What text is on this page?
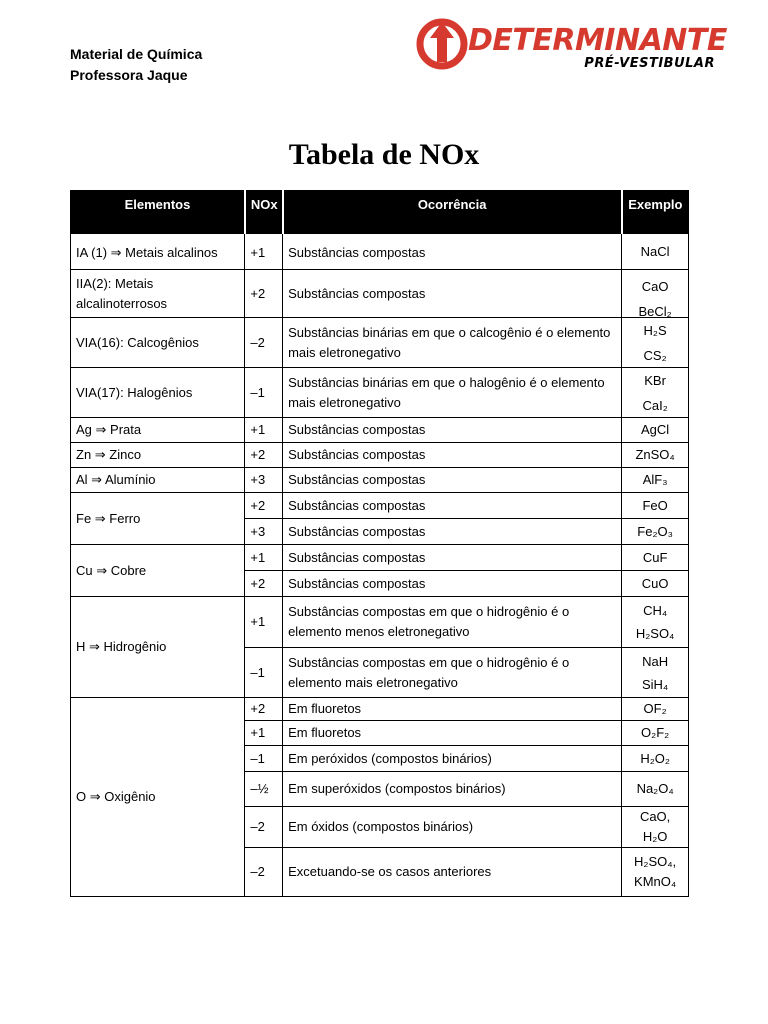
Material de Química
Professora Jaque
DETERMINANTE
PRÉ-VESTIBULAR
Tabela de NOx
Elementos	NOx	Ocorrência	Exemplo
IA (1) ⇒ Metais alcalinos	+1	Substâncias compostas	NaCl

IIA(2): Metais alcalinoterrosos	+2	Substâncias compostas	CaO
BeCl₂

VIA(16): Calcogênios	–2	Substâncias binárias em que o calcogênio é o elemento mais eletronegativo	H₂S
CS₂

VIA(17): Halogênios	–1	Substâncias binárias em que o halogênio é o elemento mais eletronegativo	KBr
CaI₂

Ag ⇒ Prata	+1	Substâncias compostas	AgCl
Zn ⇒ Zinco	+2	Substâncias compostas	ZnSO₄
Al ⇒ Alumínio	+3	Substâncias compostas	AlF₃
Fe ⇒ Ferro	+2	Substâncias compostas	FeO
	+3	Substâncias compostas	Fe₂O₃
Cu ⇒ Cobre	+1	Substâncias compostas	CuF
	+2	Substâncias compostas	CuO
H ⇒ Hidrogênio	+1	Substâncias compostas em que o hidrogênio é o elemento menos eletronegativo	CH₄
H₂SO₄

	–1	Substâncias compostas em que o hidrogênio é o elemento mais eletronegativo	NaH
SiH₄

O ⇒ Oxigênio	+2	Em fluoretos	OF₂
	+1	Em fluoretos	O₂F₂
	–1	Em peróxidos (compostos binários)	H₂O₂
	–½	Em superóxidos (compostos binários)	Na₂O₄
	–2	Em óxidos (compostos binários)	CaO, H₂O
	–2	Excetuando-se os casos anteriores	H₂SO₄,
KMnO₄
